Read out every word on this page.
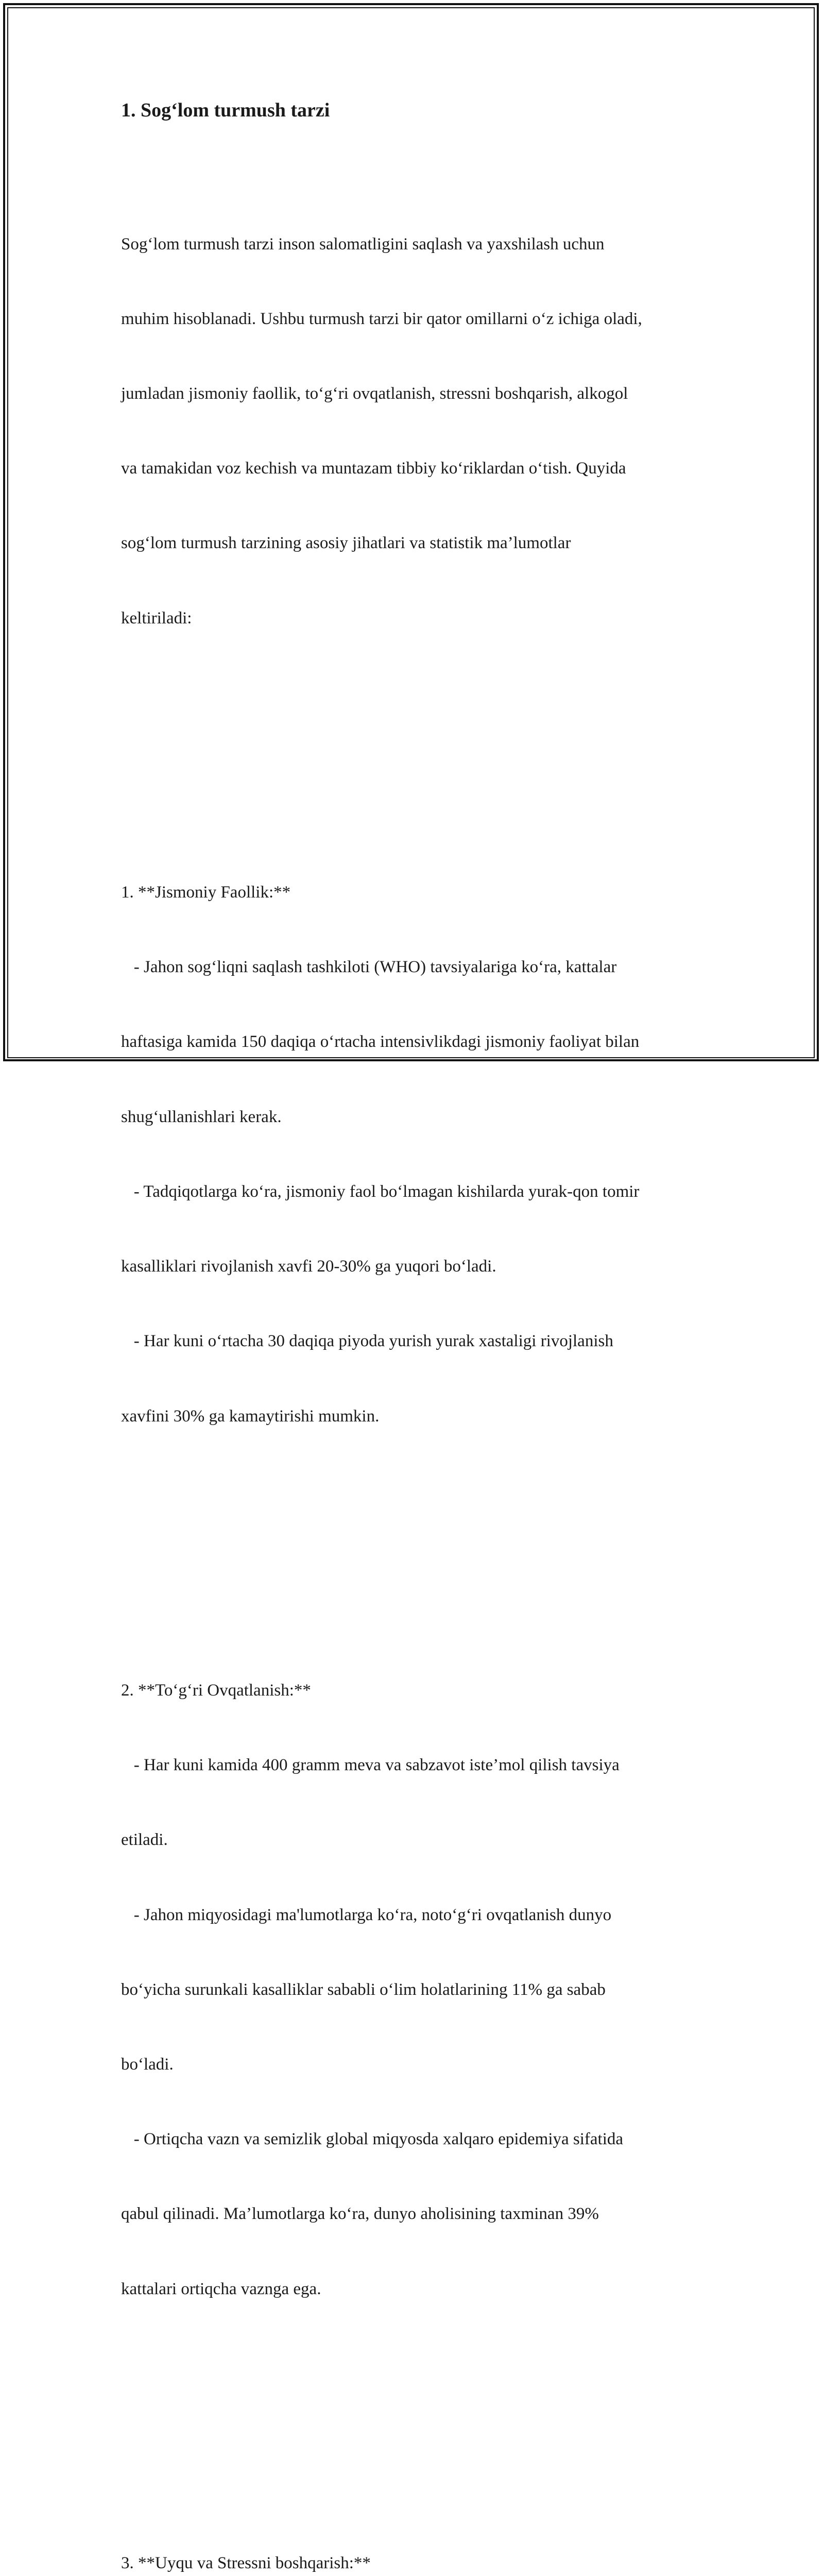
1. Sog‘lom turmush tarzi

Sog‘lom turmush tarzi inson salomatligini saqlash va yaxshilash uchun

muhim hisoblanadi. Ushbu turmush tarzi bir qator omillarni o‘z ichiga oladi,

jumladan jismoniy faollik, to‘g‘ri ovqatlanish, stressni boshqarish, alkogol

va tamakidan voz kechish va muntazam tibbiy ko‘riklardan o‘tish. Quyida

sog‘lom turmush tarzining asosiy jihatlari va statistik ma’lumotlar

keltiriladi:

1. **Jismoniy Faollik:**

- Jahon sog‘liqni saqlash tashkiloti (WHO) tavsiyalariga ko‘ra, kattalar

haftasiga kamida 150 daqiqa o‘rtacha intensivlikdagi jismoniy faoliyat bilan

shug‘ullanishlari kerak.

- Tadqiqotlarga ko‘ra, jismoniy faol bo‘lmagan kishilarda yurak-qon tomir

kasalliklari rivojlanish xavfi 20-30% ga yuqori bo‘ladi.

- Har kuni o‘rtacha 30 daqiqa piyoda yurish yurak xastaligi rivojlanish

xavfini 30% ga kamaytirishi mumkin.

2. **To‘g‘ri Ovqatlanish:**

- Har kuni kamida 400 gramm meva va sabzavot iste’mol qilish tavsiya

etiladi.

- Jahon miqyosidagi ma'lumotlarga ko‘ra, noto‘g‘ri ovqatlanish dunyo

bo‘yicha surunkali kasalliklar sababli o‘lim holatlarining 11% ga sabab

bo‘ladi.

- Ortiqcha vazn va semizlik global miqyosda xalqaro epidemiya sifatida

qabul qilinadi. Ma’lumotlarga ko‘ra, dunyo aholisining taxminan 39%

kattalari ortiqcha vaznga ega.

3. **Uyqu va Stressni boshqarish:**
